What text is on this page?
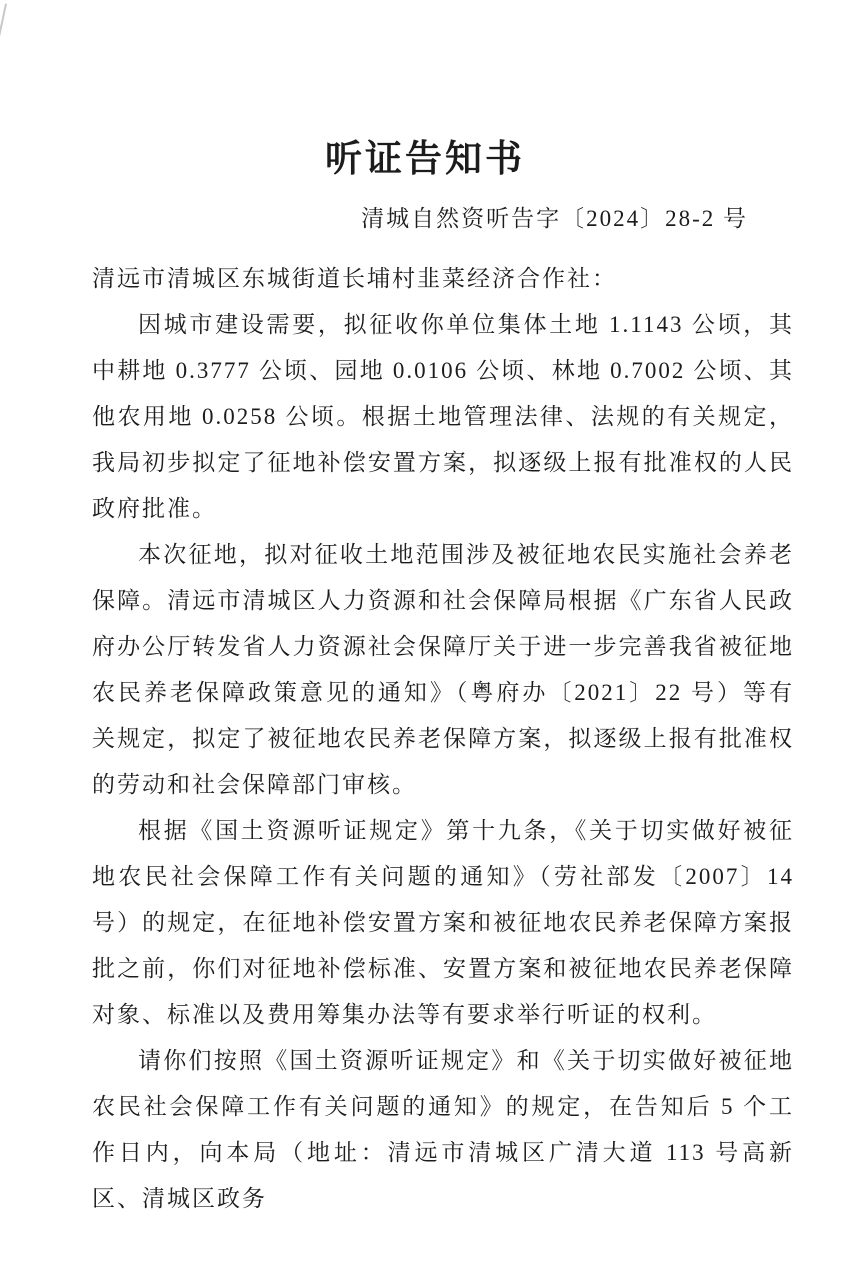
听证告知书
清城自然资听告字〔2024〕28-2 号

清远市清城区东城街道长埔村韭菜经济合作社：

因城市建设需要，拟征收你单位集体土地 1.1143 公顷，其中耕地 0.3777 公顷、园地 0.0106 公顷、林地 0.7002 公顷、其他农用地 0.0258 公顷。根据土地管理法律、法规的有关规定，我局初步拟定了征地补偿安置方案，拟逐级上报有批准权的人民政府批准。

本次征地，拟对征收土地范围涉及被征地农民实施社会养老保障。清远市清城区人力资源和社会保障局根据《广东省人民政府办公厅转发省人力资源社会保障厅关于进一步完善我省被征地农民养老保障政策意见的通知》（粤府办〔2021〕22 号）等有关规定，拟定了被征地农民养老保障方案，拟逐级上报有批准权的劳动和社会保障部门审核。

根据《国土资源听证规定》第十九条，《关于切实做好被征地农民社会保障工作有关问题的通知》（劳社部发〔2007〕14 号）的规定，在征地补偿安置方案和被征地农民养老保障方案报批之前，你们对征地补偿标准、安置方案和被征地农民养老保障对象、标准以及费用筹集办法等有要求举行听证的权利。

请你们按照《国土资源听证规定》和《关于切实做好被征地农民社会保障工作有关问题的通知》的规定，在告知后 5 个工作日内，向本局（地址：清远市清城区广清大道 113 号高新区、清城区政务
